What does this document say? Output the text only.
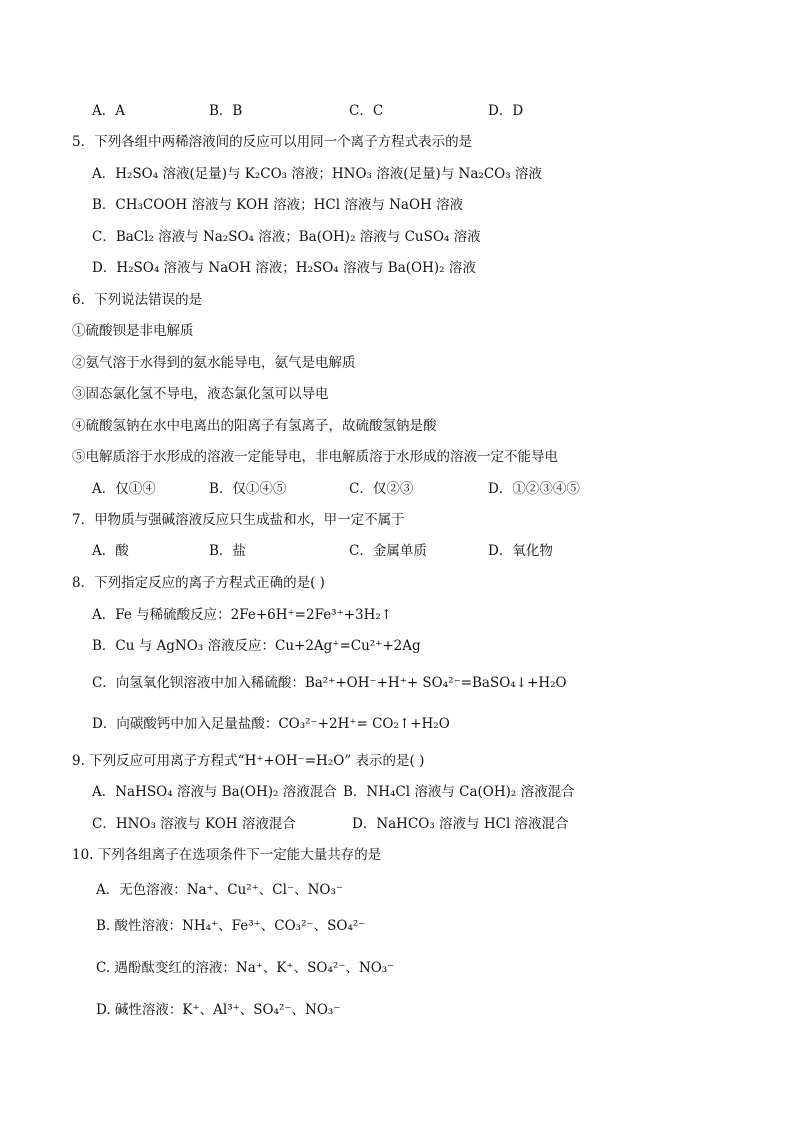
A．A	B．B	C．C	D．D
5．下列各组中两稀溶液间的反应可以用同一个离子方程式表示的是
A．H₂SO₄ 溶液(足量)与 K₂CO₃ 溶液；HNO₃ 溶液(足量)与 Na₂CO₃ 溶液
B．CH₃COOH 溶液与 KOH 溶液；HCl 溶液与 NaOH 溶液
C．BaCl₂ 溶液与 Na₂SO₄ 溶液；Ba(OH)₂ 溶液与 CuSO₄ 溶液
D．H₂SO₄ 溶液与 NaOH 溶液；H₂SO₄ 溶液与 Ba(OH)₂ 溶液
6．下列说法错误的是
①硫酸钡是非电解质
②氨气溶于水得到的氨水能导电，氨气是电解质
③固态氯化氢不导电，液态氯化氢可以导电
④硫酸氢钠在水中电离出的阳离子有氢离子，故硫酸氢钠是酸
⑤电解质溶于水形成的溶液一定能导电，非电解质溶于水形成的溶液一定不能导电
A．仅①④	B．仅①④⑤	C．仅②③	D．①②③④⑤
7．甲物质与强碱溶液反应只生成盐和水，甲一定不属于
A．酸	B．盐	C．金属单质	D．氧化物
8．下列指定反应的离子方程式正确的是( )
A．Fe 与稀硫酸反应：2Fe+6H⁺=2Fe³⁺+3H₂↑
B．Cu 与 AgNO₃ 溶液反应：Cu+2Ag⁺=Cu²⁺+2Ag
C．向氢氧化钡溶液中加入稀硫酸：Ba²⁺+OH⁻+H⁺+ SO₄²⁻=BaSO₄↓+H₂O
D．向碳酸钙中加入足量盐酸：CO₃²⁻+2H⁺= CO₂↑+H₂O
9. 下列反应可用离子方程式“H⁺+OH⁻=H₂O” 表示的是( )
A．NaHSO₄ 溶液与 Ba(OH)₂ 溶液混合 B．NH₄Cl 溶液与 Ca(OH)₂ 溶液混合
C．HNO₃ 溶液与 KOH 溶液混合	D．NaHCO₃ 溶液与 HCl 溶液混合
10. 下列各组离子在选项条件下一定能大量共存的是
A．无色溶液：Na⁺、Cu²⁺、Cl⁻、NO₃⁻
B. 酸性溶液：NH₄⁺、Fe³⁺、CO₃²⁻、SO₄²⁻
C. 遇酚酞变红的溶液：Na⁺、K⁺、SO₄²⁻、NO₃⁻
D. 碱性溶液：K⁺、Al³⁺、SO₄²⁻、NO₃⁻
